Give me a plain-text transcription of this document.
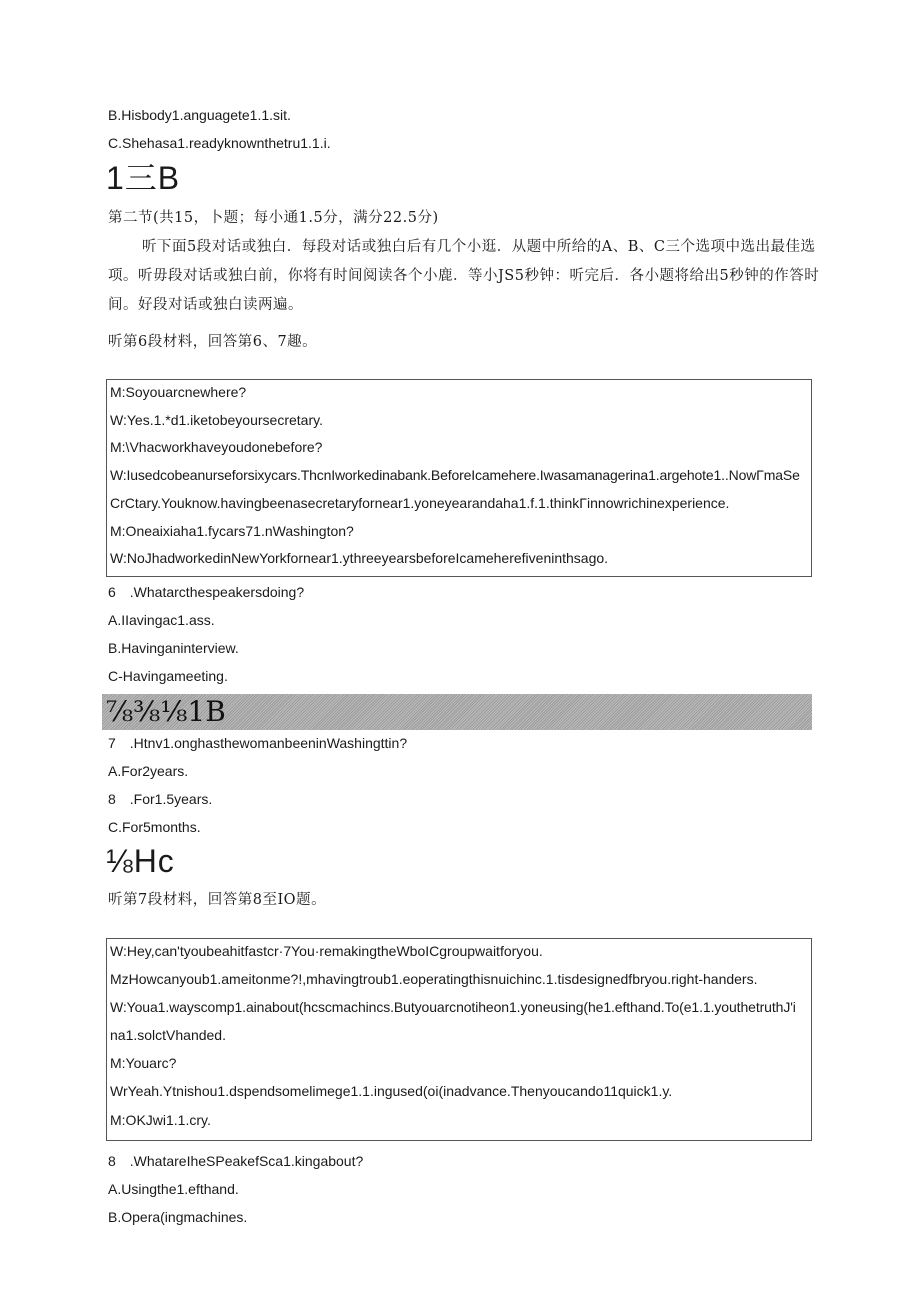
B.Hisbody1.anguagete1.1.sit.
C.Shehasa1.readyknownthetru1.1.i.
1三B
第二节(共15，卜题；每小通1.5分，满分22.5分)
听下面5段对话或独白．每段对话或独白后有几个小逛．从题中所给的A、B、C三个选项中选出最佳选
项。听毋段对话或独白前，你将有时间阅读各个小鹿．等小JS5秒钟：听完后．各小题将给出5秒钟的作答时
间。好段对话或独白读两遍。
听第6段材料，回答第6、7趣。
M:Soyouarcnewhere?
W:Yes.1.*d1.iketobeyoursecretary.
M:\Vhacworkhaveyoudonebefore?
W:Iusedcobeanurseforsixycars.ThcnIworkedinabank.BeforeIcamehere.Iwasamanagerina1.argehote1..NowΓmaSe
CrCtary.Youknow.havingbeenasecretaryfornear1.yoneyearandaha1.f.1.thinkΓinnowrichinexperience.
M:Oneaixiaha1.fycars71.nWashington?
W:NoJhadworkedinNewYorkfornear1.ythreeyearsbeforeIcameherefiveninthsago.
6　.Whatarcthespeakersdoing?
A.IIavingac1.ass.
B.Havinganinterview.
C-Havingameeting.
⅞⅜⅛1B
7　.Htnv1.onghasthewomanbeeninWashingttin?
A.For2years.
8　.For1.5years.
C.For5months.
⅛Hc
听第7段材料，回答第8至IO题。
W:Hey,can'tyoubeahitfastcr·7You·remakingtheWboICgroupwaitforyou.
MzHowcanyoub1.ameitonme?!,mhavingtroub1.eoperatingthisnuichinc.1.tisdesignedfbryou.right-handers.
W:Youa1.wayscomp1.ainabout(hcscmachincs.Butyouarcnotiheon1.yoneusing(he1.efthand.To(e1.1.youthetruthJ'i
na1.solctVhanded.
M:Youarc?
WrYeah.Ytnishou1.dspendsomelimege1.1.ingused(oi(inadvance.Thenyoucando11quick1.y.
M:OKJwi1.1.cry.
8　.WhatareIheSPeakefSca1.kingabout?
A.Usingthe1.efthand.
B.Opera(ingmachines.
